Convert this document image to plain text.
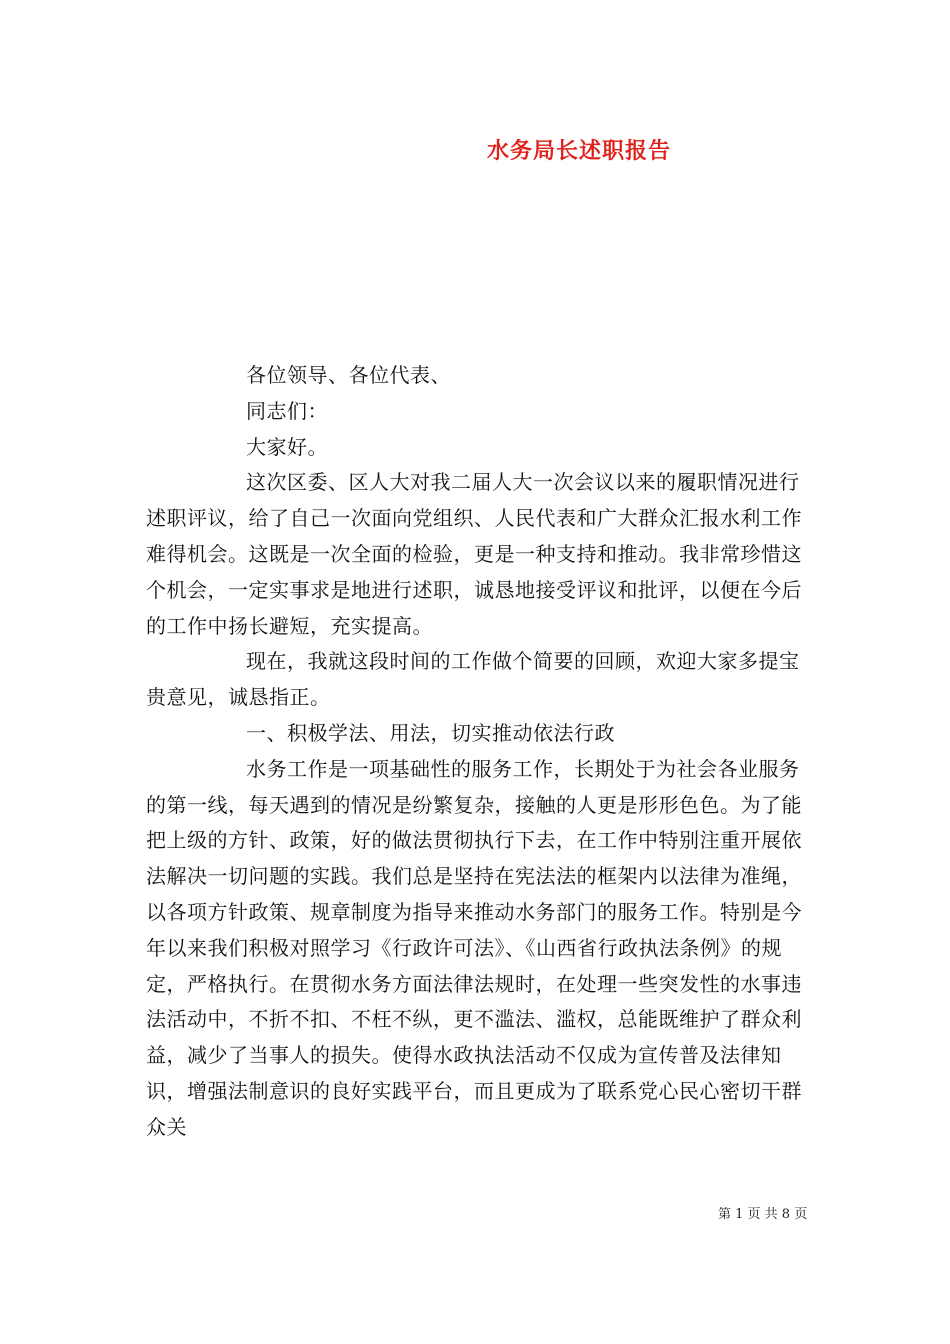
水务局长述职报告

各位领导、各位代表、

同志们：

大家好。

这次区委、区人大对我二届人大一次会议以来的履职情况进行述职评议，给了自己一次面向党组织、人民代表和广大群众汇报水利工作难得机会。这既是一次全面的检验，更是一种支持和推动。我非常珍惜这个机会，一定实事求是地进行述职，诚恳地接受评议和批评，以便在今后的工作中扬长避短，充实提高。

现在，我就这段时间的工作做个简要的回顾，欢迎大家多提宝贵意见，诚恳指正。

一、积极学法、用法，切实推动依法行政

水务工作是一项基础性的服务工作，长期处于为社会各业服务的第一线，每天遇到的情况是纷繁复杂，接触的人更是形形色色。为了能把上级的方针、政策，好的做法贯彻执行下去，在工作中特别注重开展依法解决一切问题的实践。我们总是坚持在宪法法的框架内以法律为准绳，以各项方针政策、规章制度为指导来推动水务部门的服务工作。特别是今年以来我们积极对照学习《行政许可法》、《山西省行政执法条例》的规定，严格执行。在贯彻水务方面法律法规时，在处理一些突发性的水事违法活动中，不折不扣、不枉不纵，更不滥法、滥权，总能既维护了群众利益，减少了当事人的损失。使得水政执法活动不仅成为宣传普及法律知识，增强法制意识的良好实践平台，而且更成为了联系党心民心密切干群众关

第 1 页 共 8 页
